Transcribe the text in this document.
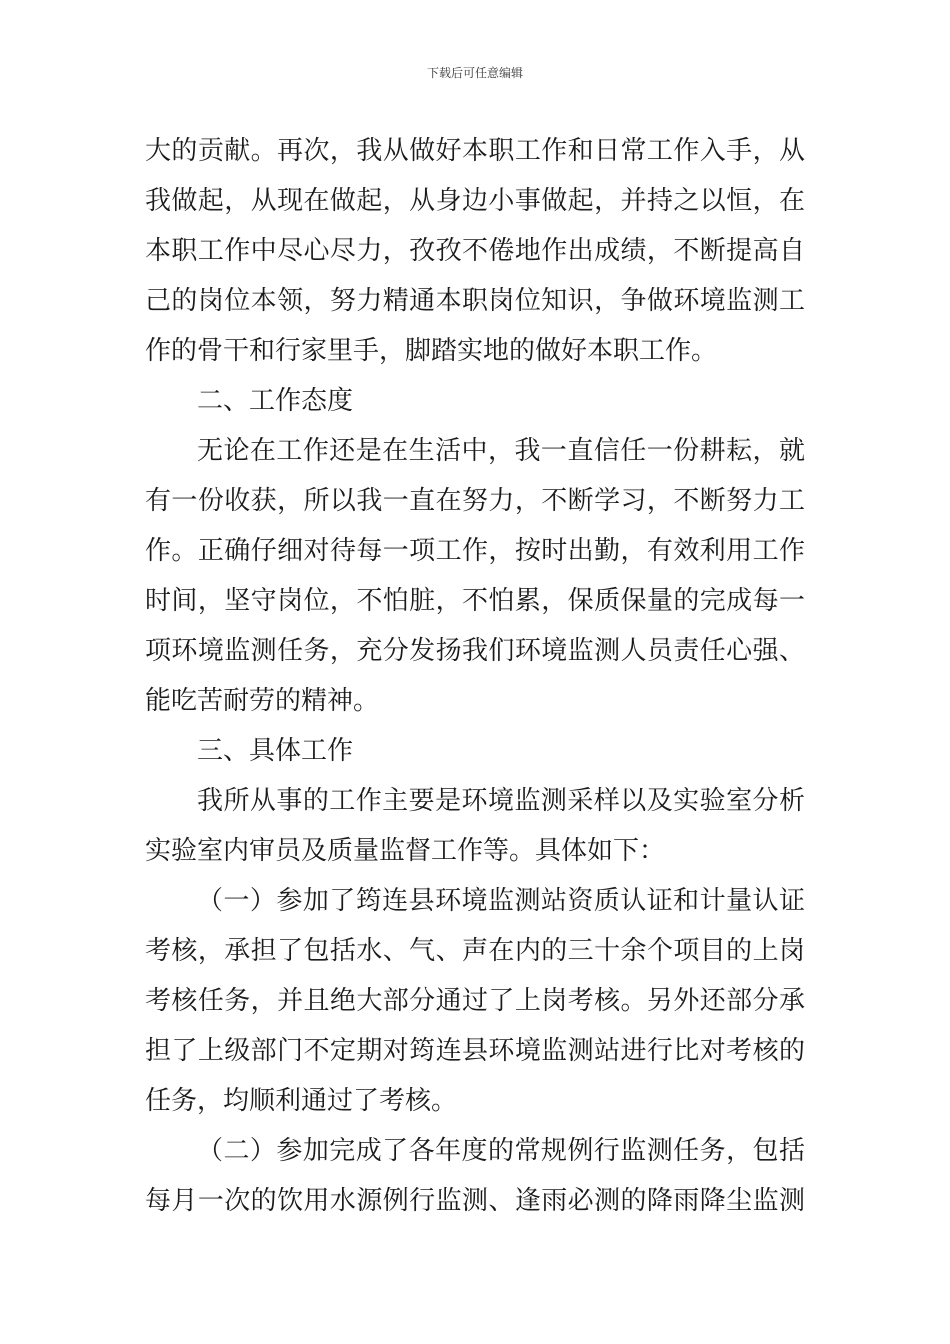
下载后可任意编辑
大的贡献。再次，我从做好本职工作和日常工作入手，从
我做起，从现在做起，从身边小事做起，并持之以恒，在
本职工作中尽心尽力，孜孜不倦地作出成绩，不断提高自
己的岗位本领，努力精通本职岗位知识，争做环境监测工
作的骨干和行家里手，脚踏实地的做好本职工作。
二、工作态度
无论在工作还是在生活中，我一直信任一份耕耘，就
有一份收获，所以我一直在努力，不断学习，不断努力工
作。正确仔细对待每一项工作，按时出勤，有效利用工作
时间，坚守岗位，不怕脏，不怕累，保质保量的完成每一
项环境监测任务，充分发扬我们环境监测人员责任心强、
能吃苦耐劳的精神。
三、具体工作
我所从事的工作主要是环境监测采样以及实验室分析
实验室内审员及质量监督工作等。具体如下：
（一）参加了筠连县环境监测站资质认证和计量认证
考核，承担了包括水、气、声在内的三十余个项目的上岗
考核任务，并且绝大部分通过了上岗考核。另外还部分承
担了上级部门不定期对筠连县环境监测站进行比对考核的
任务，均顺利通过了考核。
（二）参加完成了各年度的常规例行监测任务，包括
每月一次的饮用水源例行监测、逢雨必测的降雨降尘监测
